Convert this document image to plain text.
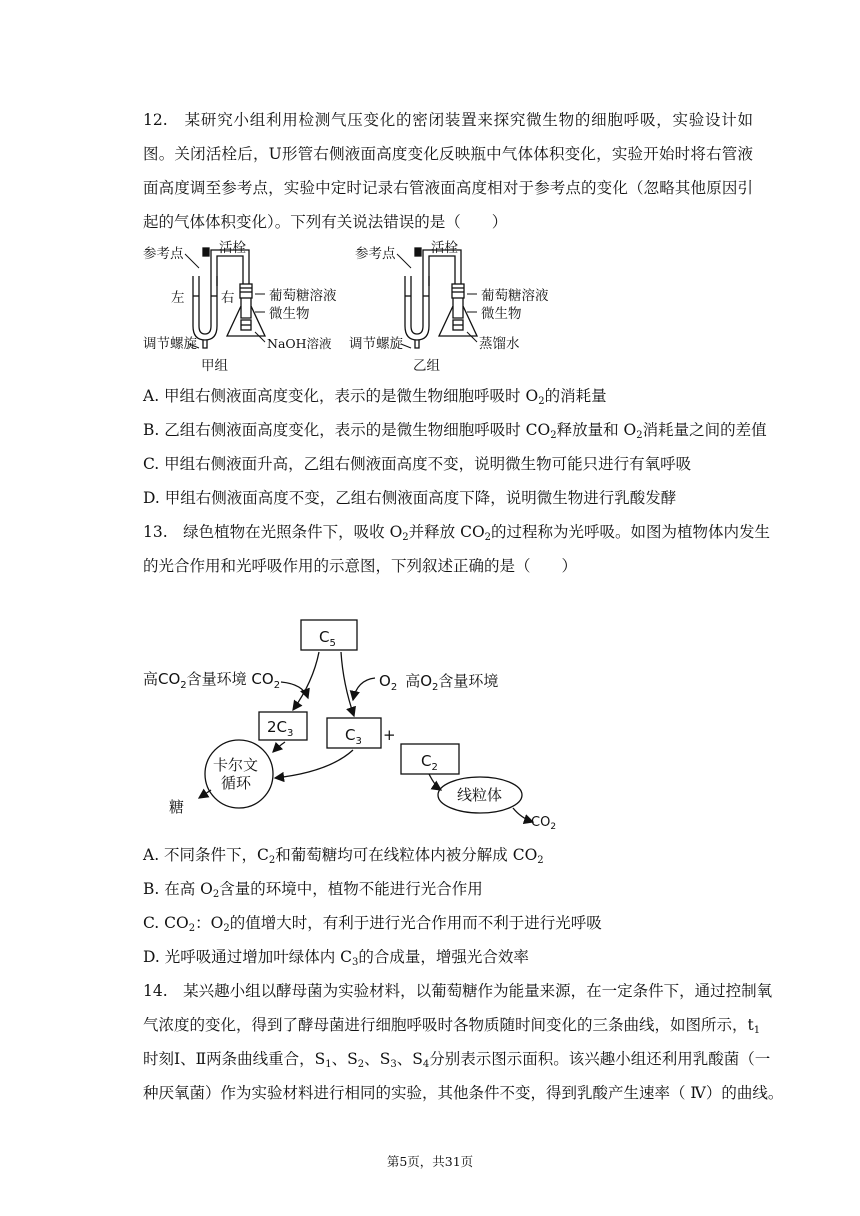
12.　某研究小组利用检测气压变化的密闭装置来探究微生物的细胞呼吸，实验设计如图。关闭活栓后，U形管右侧液面高度变化反映瓶中气体体积变化，实验开始时将右管液面高度调至参考点，实验中定时记录右管液面高度相对于参考点的变化（忽略其他原因引起的气体体积变化）。下列有关说法错误的是（　　）
参考点	活栓
左	右	葡萄糖溶液
微生物
NaOH溶液
调节螺旋
甲组
参考点	活栓
葡萄糖溶液
微生物
蒸馏水
调节螺旋
乙组
A. 甲组右侧液面高度变化，表示的是微生物细胞呼吸时 $O_2$的消耗量
B. 乙组右侧液面高度变化，表示的是微生物细胞呼吸时 $CO_2$释放量和 $O_2$消耗量之间的差值
C. 甲组右侧液面升高，乙组右侧液面高度不变，说明微生物可能只进行有氧呼吸
D. 甲组右侧液面高度不变，乙组右侧液面高度下降，说明微生物进行乳酸发酵
13.　绿色植物在光照条件下，吸收 $O_2$并释放 $CO_2$的过程称为光呼吸。如图为植物体内发生
的光合作用和光呼吸作用的示意图，下列叙述正确的是（　　）
$C_5$
高$CO_2$含量环境 $CO_2$	$O_2$ 高$O_2$含量环境
$2C_3$	$C_3$ +
$C_2$
卡尔文
循环
糖
线粒体
$CO_2$
A. 不同条件下，$C_2$和葡萄糖均可在线粒体内被分解成 $CO_2$
B. 在高 $O_2$含量的环境中，植物不能进行光合作用
C. $CO_2$：$O_2$的值增大时，有利于进行光合作用而不利于进行光呼吸
D. 光呼吸通过增加叶绿体内 $C_3$的合成量，增强光合效率
14.　某兴趣小组以酵母菌为实验材料，以葡萄糖作为能量来源，在一定条件下，通过控制氧
气浓度的变化，得到了酵母菌进行细胞呼吸时各物质随时间变化的三条曲线，如图所示，$t_1$
时刻Ⅰ、Ⅱ两条曲线重合，$S_1$、$S_2$、$S_3$、$S_4$分别表示图示面积。该兴趣小组还利用乳酸菌（一
种厌氧菌）作为实验材料进行相同的实验，其他条件不变，得到乳酸产生速率（ Ⅳ）的曲线。
第5页，共31页
